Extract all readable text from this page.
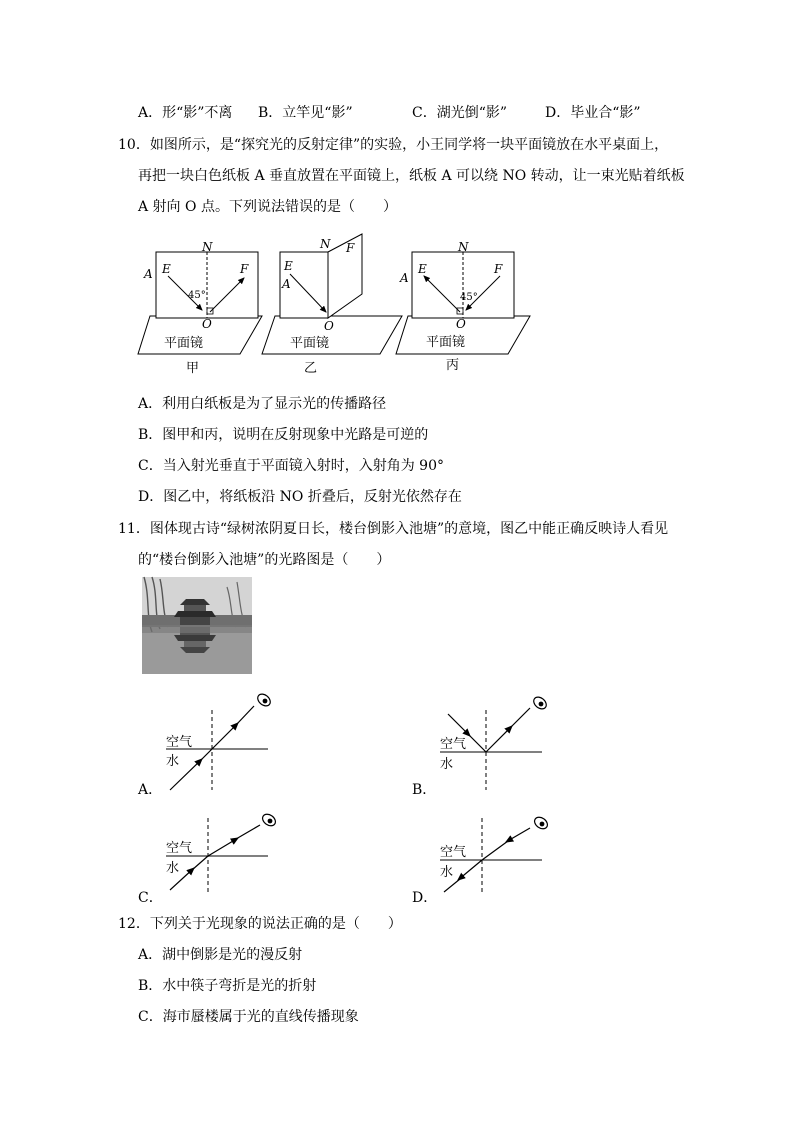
A．形“影”不离 B．立竿见“影”	C．湖光倒“影”	D．毕业合“影”
10．如图所示，是“探究光的反射定律”的实验，小王同学将一块平面镜放在水平桌面上，
再把一块白色纸板 A 垂直放置在平面镜上，纸板 A 可以绕 NO 转动，让一束光贴着纸板
A 射向 O 点。下列说法错误的是（　　）
N
E	F
A
45°
O
平面镜
甲
N F
E
A
O
平面镜
乙
N
E	F
A
45°
O
平面镜
丙
A．利用白纸板是为了显示光的传播路径
B．图甲和丙，说明在反射现象中光路是可逆的
C．当入射光垂直于平面镜入射时，入射角为 90°
D．图乙中，将纸板沿 NO 折叠后，反射光依然存在
11．图体现古诗“绿树浓阴夏日长，楼台倒影入池塘”的意境，图乙中能正确反映诗人看见
的“楼台倒影入池塘”的光路图是（　　）
空气
水
A．
空气
水
B．
空气
水
C．
空气
水
D．
12．下列关于光现象的说法正确的是（　　）
A．湖中倒影是光的漫反射
B．水中筷子弯折是光的折射
C．海市蜃楼属于光的直线传播现象
